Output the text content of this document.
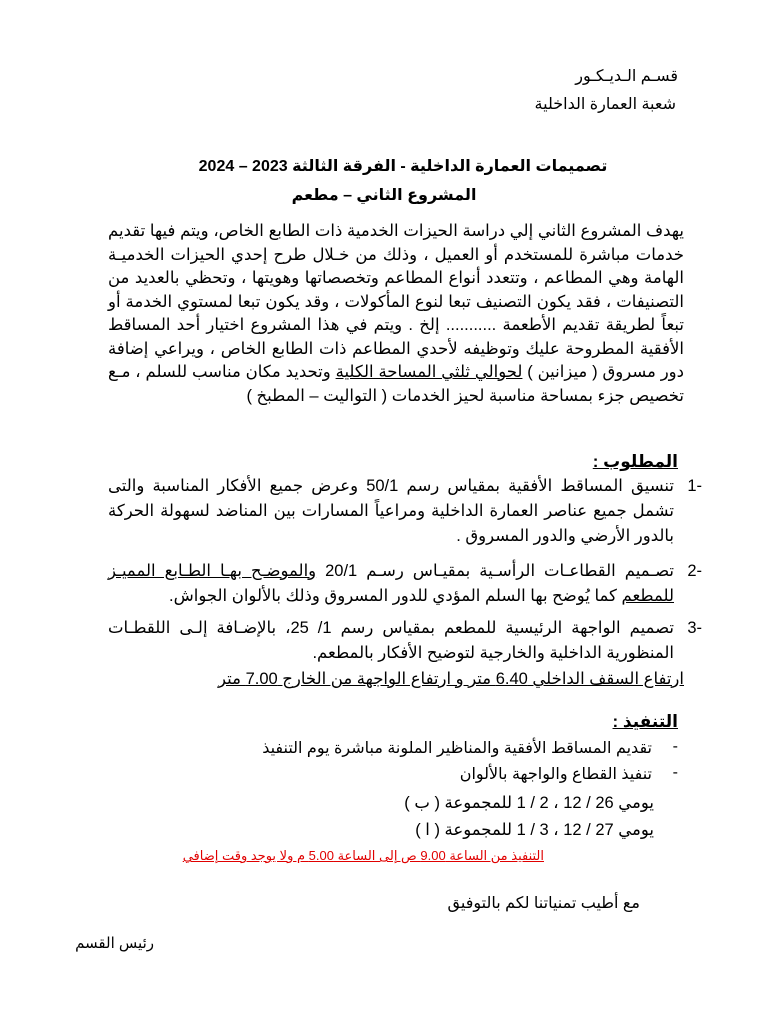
قسـم الـديـكـور
شعبة العمارة الداخلية
تصميمات العمارة الداخلية - الفرقة الثالثة 2023 – 2024
المشروع الثاني – مطعم
يهدف المشروع الثاني إلي دراسة الحيزات الخدمية ذات الطابع الخاص، ويتم فيها تقديم خدمات مباشرة للمستخدم أو العميل ، وذلك من خـلال طرح إحدي الحيزات الخدميـة الهامة وهي المطاعم ، وتتعدد أنواع المطاعم وتخصصاتها وهويتها ، وتحظي بالعديد من التصنيفات ، فقد يكون التصنيف تبعا لنوع المأكولات ، وقد يكون تبعا لمستوي الخدمة أو تبعاً لطريقة تقديم الأطعمة ........... إلخ . ويتم في هذا المشروع اختيار أحد المساقط الأفقية المطروحة عليك وتوظيفه لأحدي المطاعم ذات الطابع الخاص ، ويراعي إضافة دور مسروق ( ميزانين ) لحوالي ثلثي المساحة الكلية وتحديد مكان مناسب للسلم ، مـع تخصيص جزء بمساحة مناسبة لحيز الخدمات ( التواليت – المطبخ )
المطلوب :
-1
تنسيق المساقط الأفقية بمقياس رسم 50/1 وعرض جميع الأفكار المناسبة والتى تشمل جميع عناصر العمارة الداخلية ومراعياً المسارات بين المناضد لسهولة الحركة بالدور الأرضي والدور المسروق .
-2
تصـميم القطاعـات الرأسـية بمقيـاس رسـم 20/1 والموضـح بهـا الطـابع المميـز للمطعم كما يُوضح بها السلم المؤدي للدور المسروق وذلك بالألوان الجواش.
-3
تصميم الواجهة الرئيسية للمطعم بمقياس رسم 1/ 25، بالإضـافة إلـى اللقطـات المنظورية الداخلية والخارجية لتوضيح الأفكار بالمطعم.
ارتفاع السقف الداخلي 6.40 متر و ارتفاع الواجهة من الخارج 7.00 متر
التنفيذ :
-
تقديم المساقط الأفقية والمناظير الملونة مباشرة يوم التنفيذ
-
تنفيذ القطاع والواجهة بالألوان
يومي 26 / 12 ، 2 / 1 للمجموعة ( ب )
يومي 27 / 12 ، 3 / 1 للمجموعة ( ا )
التنفيذ من الساعة 9.00 ص إلى الساعة 5.00 م ولا يوجد وقت إضافي
مع أطيب تمنياتنا لكم بالتوفيق
رئيس القسم
